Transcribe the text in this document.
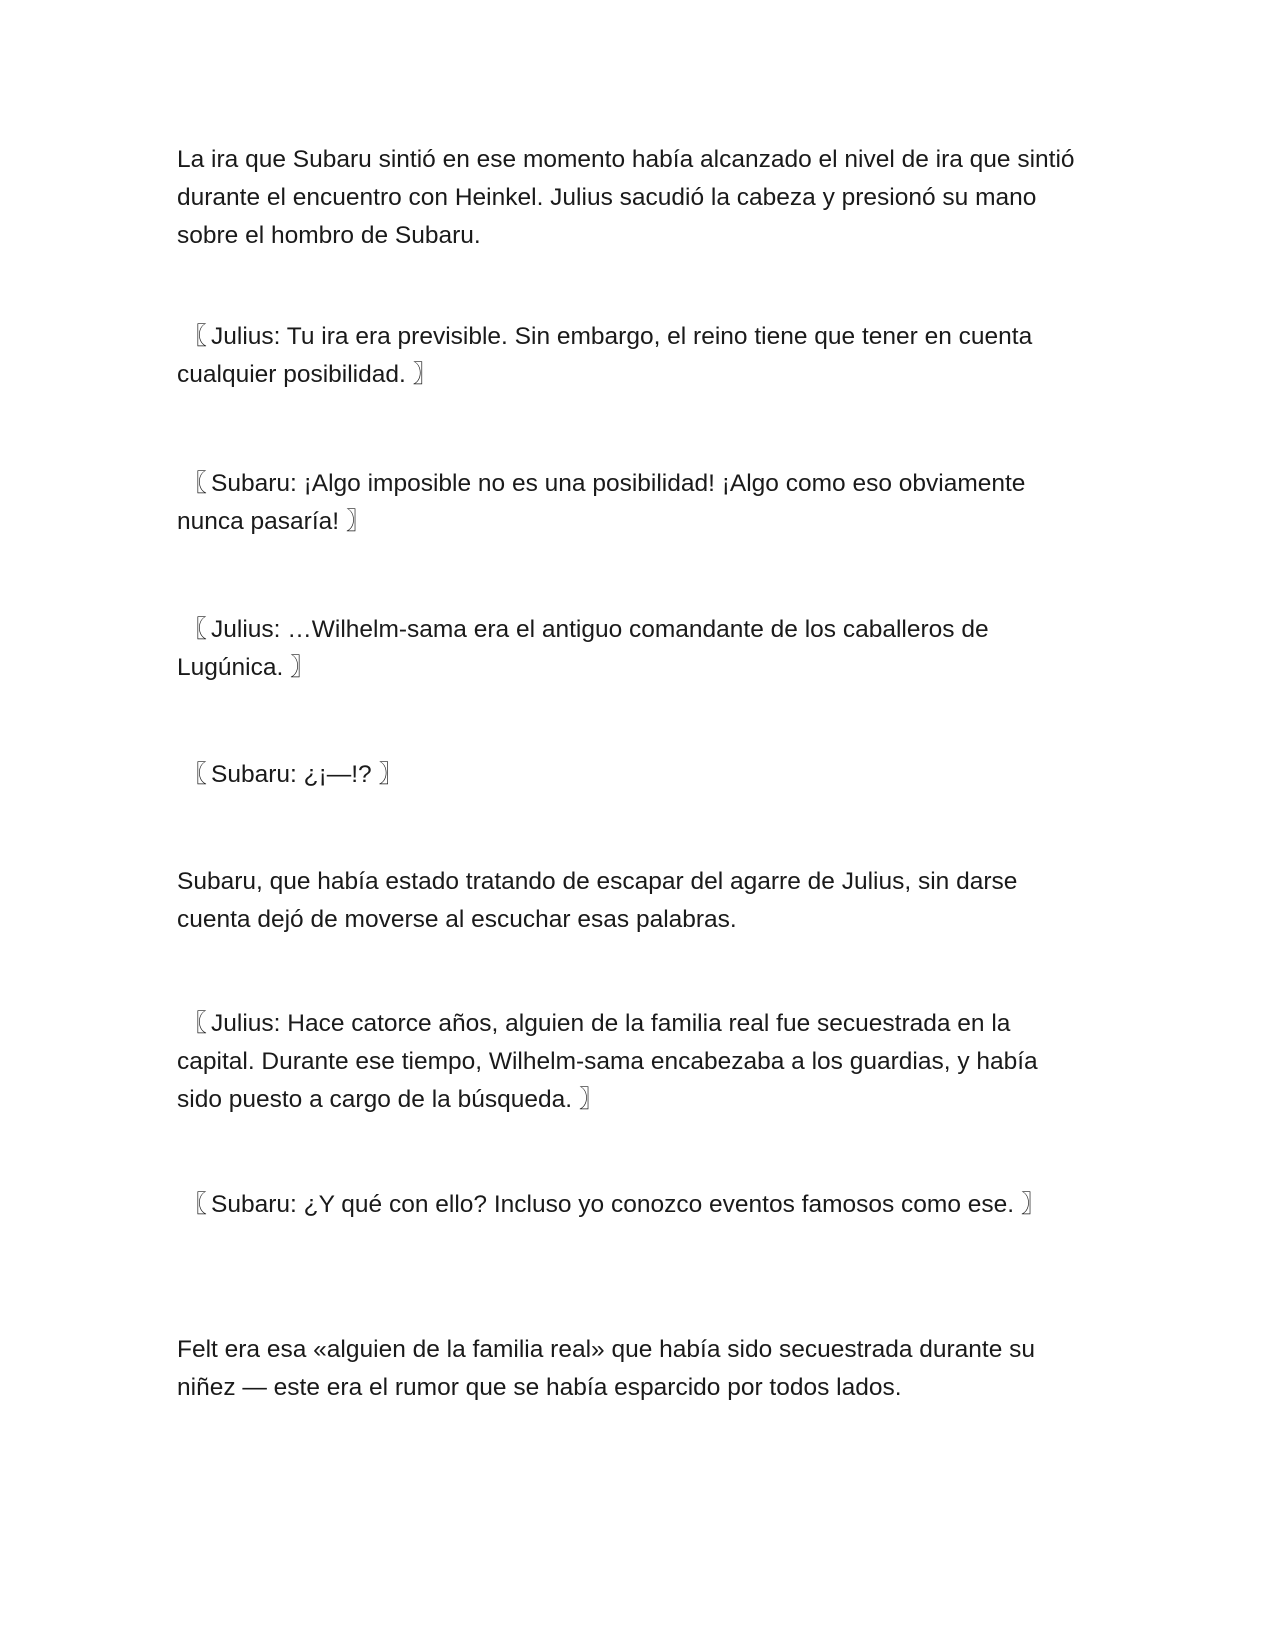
La ira que Subaru sintió en ese momento había alcanzado el nivel de ira que sintió durante el encuentro con Heinkel. Julius sacudió la cabeza y presionó su mano sobre el hombro de Subaru.

〖 Julius: Tu ira era previsible. Sin embargo, el reino tiene que tener en cuenta cualquier posibilidad. 〗

〖 Subaru: ¡Algo imposible no es una posibilidad! ¡Algo como eso obviamente nunca pasaría! 〗

〖 Julius: …Wilhelm-sama era el antiguo comandante de los caballeros de Lugúnica. 〗

〖 Subaru: ¿¡—!? 〗

Subaru, que había estado tratando de escapar del agarre de Julius, sin darse cuenta dejó de moverse al escuchar esas palabras.

〖 Julius: Hace catorce años, alguien de la familia real fue secuestrada en la capital. Durante ese tiempo, Wilhelm-sama encabezaba a los guardias, y había sido puesto a cargo de la búsqueda. 〗

〖 Subaru: ¿Y qué con ello? Incluso yo conozco eventos famosos como ese. 〗

Felt era esa «alguien de la familia real» que había sido secuestrada durante su niñez — este era el rumor que se había esparcido por todos lados.
